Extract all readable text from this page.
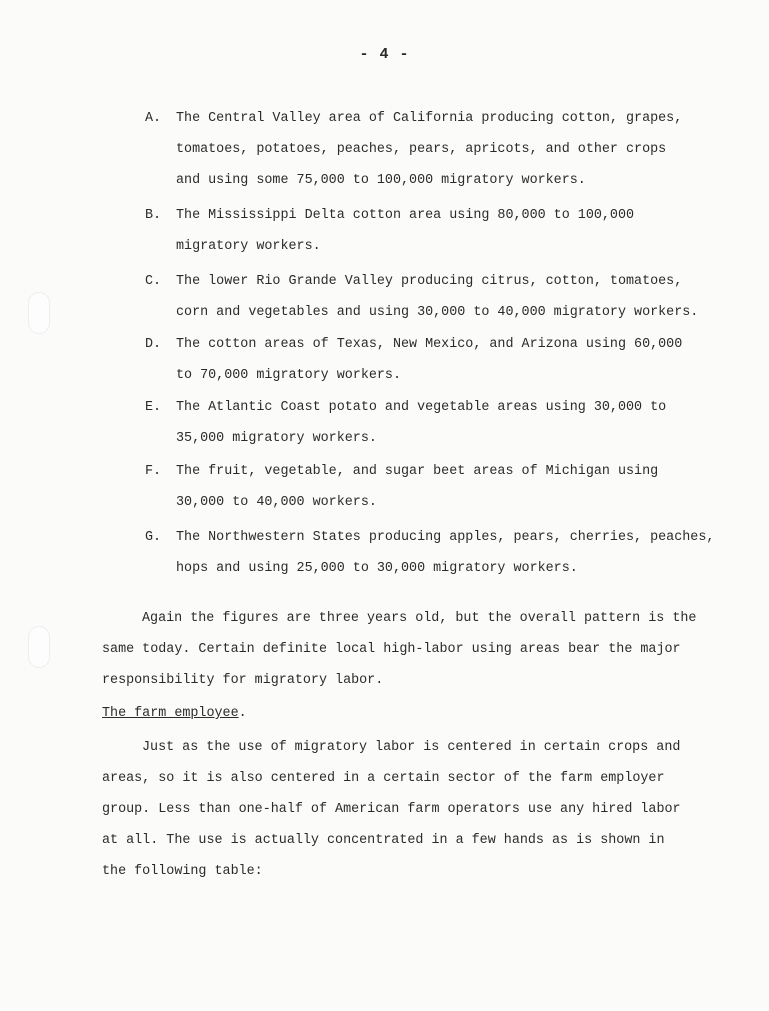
- 4 -
A. The Central Valley area of California producing cotton, grapes,
tomatoes, potatoes, peaches, pears, apricots, and other crops
and using some 75,000 to 100,000 migratory workers.
B. The Mississippi Delta cotton area using 80,000 to 100,000
migratory workers.
C. The lower Rio Grande Valley producing citrus, cotton, tomatoes,
corn and vegetables and using 30,000 to 40,000 migratory workers.
D. The cotton areas of Texas, New Mexico, and Arizona using 60,000
to 70,000 migratory workers.
E. The Atlantic Coast potato and vegetable areas using 30,000 to
35,000 migratory workers.
F. The fruit, vegetable, and sugar beet areas of Michigan using
30,000 to 40,000 workers.
G. The Northwestern States producing apples, pears, cherries, peaches,
hops and using 25,000 to 30,000 migratory workers.
Again the figures are three years old, but the overall pattern is the
same today. Certain definite local high-labor using areas bear the major
responsibility for migratory labor.
The farm employee.
Just as the use of migratory labor is centered in certain crops and
areas, so it is also centered in a certain sector of the farm employer
group. Less than one-half of American farm operators use any hired labor
at all. The use is actually concentrated in a few hands as is shown in
the following table:
